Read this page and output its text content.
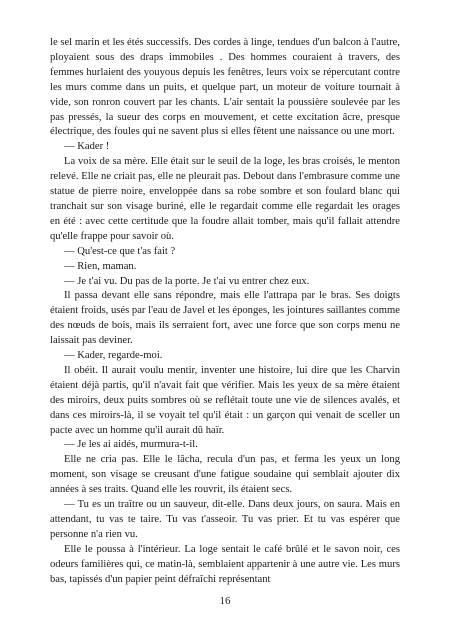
le sel marin et les étés successifs. Des cordes à linge, tendues d'un balcon à l'autre, ployaient sous des draps immobiles . Des hommes couraient à travers, des femmes hurlaient des youyous depuis les fenêtres, leurs voix se répercutant contre les murs comme dans un puits, et quelque part, un moteur de voiture tournait à vide, son ronron couvert par les chants. L'air sentait la poussière soulevée par les pas pressés, la sueur des corps en mouvement, et cette excitation âcre, presque électrique, des foules qui ne savent plus si elles fêtent une naissance ou une mort.

— Kader !

La voix de sa mère. Elle était sur le seuil de la loge, les bras croisés, le menton relevé. Elle ne criait pas, elle ne pleurait pas. Debout dans l'embrasure comme une statue de pierre noire, enveloppée dans sa robe sombre et son foulard blanc qui tranchait sur son visage buriné, elle le regardait comme elle regardait les orages en été : avec cette certitude que la foudre allait tomber, mais qu'il fallait attendre qu'elle frappe pour savoir où.

— Qu'est-ce que t'as fait ?

— Rien, maman.

— Je t'ai vu. Du pas de la porte. Je t'ai vu entrer chez eux.

Il passa devant elle sans répondre, mais elle l'attrapa par le bras. Ses doigts étaient froids, usés par l'eau de Javel et les éponges, les jointures saillantes comme des nœuds de bois, mais ils serraient fort, avec une force que son corps menu ne laissait pas deviner.

— Kader, regarde-moi.

Il obéit. Il aurait voulu mentir, inventer une histoire, lui dire que les Charvin étaient déjà partis, qu'il n'avait fait que vérifier. Mais les yeux de sa mère étaient des miroirs, deux puits sombres où se reflétait toute une vie de silences avalés, et dans ces miroirs-là, il se voyait tel qu'il était : un garçon qui venait de sceller un pacte avec un homme qu'il aurait dû haïr.

— Je les ai aidés, murmura-t-il.

Elle ne cria pas. Elle le lâcha, recula d'un pas, et ferma les yeux un long moment, son visage se creusant d'une fatigue soudaine qui semblait ajouter dix années à ses traits. Quand elle les rouvrit, ils étaient secs.

— Tu es un traître ou un sauveur, dit-elle. Dans deux jours, on saura. Mais en attendant, tu vas te taire. Tu vas t'asseoir. Tu vas prier. Et tu vas espérer que personne n'a rien vu.

Elle le poussa à l'intérieur. La loge sentait le café brûlé et le savon noir, ces odeurs familières qui, ce matin-là, semblaient appartenir à une autre vie. Les murs bas, tapissés d'un papier peint défraîchi représentant

16
